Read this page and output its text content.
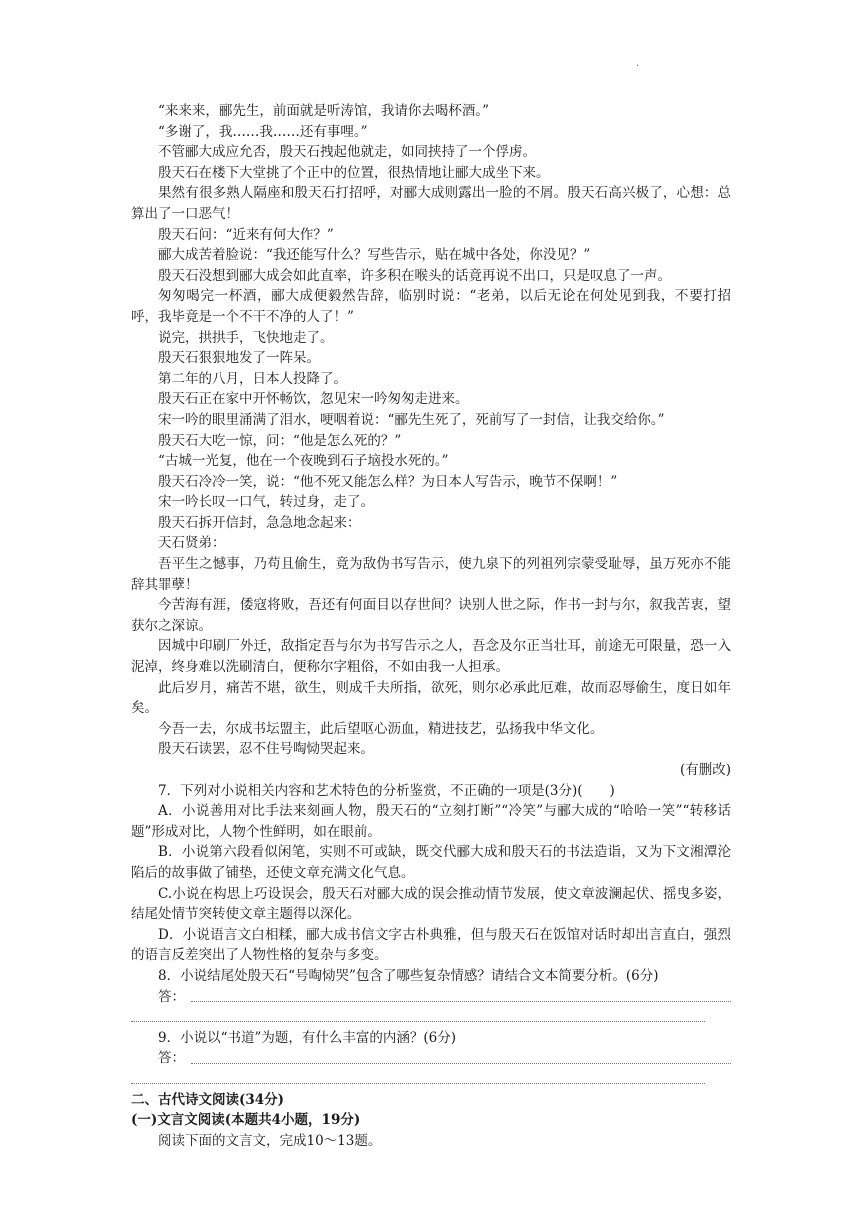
.

“来来来，郦先生，前面就是听涛馆，我请你去喝杯酒。”

“多谢了，我……我……还有事哩。”

不管郦大成应允否，殷天石拽起他就走，如同挟持了一个俘虏。

殷天石在楼下大堂挑了个正中的位置，很热情地让郦大成坐下来。

果然有很多熟人隔座和殷天石打招呼，对郦大成则露出一脸的不屑。殷天石高兴极了，心想：总算出了一口恶气！

殷天石问：“近来有何大作？”

郦大成苦着脸说：“我还能写什么？写些告示，贴在城中各处，你没见？”

殷天石没想到郦大成会如此直率，许多积在喉头的话竟再说不出口，只是叹息了一声。

匆匆喝完一杯酒，郦大成便毅然告辞，临别时说：“老弟，以后无论在何处见到我，不要打招呼，我毕竟是一个不干不净的人了！”

说完，拱拱手，飞快地走了。

殷天石狠狠地发了一阵呆。

第二年的八月，日本人投降了。

殷天石正在家中开怀畅饮，忽见宋一吟匆匆走进来。

宋一吟的眼里涌满了泪水，哽咽着说：“郦先生死了，死前写了一封信，让我交给你。”

殷天石大吃一惊，问：“他是怎么死的？”

“古城一光复，他在一个夜晚到石子垴投水死的。”

殷天石冷冷一笑，说：“他不死又能怎么样？为日本人写告示，晚节不保啊！”

宋一吟长叹一口气，转过身，走了。

殷天石拆开信封，急急地念起来：

天石贤弟：

吾平生之憾事，乃苟且偷生，竟为敌伪书写告示，使九泉下的列祖列宗蒙受耻辱，虽万死亦不能辞其罪孽！

今苦海有涯，倭寇将败，吾还有何面目以存世间？诀别人世之际，作书一封与尔，叙我苦衷，望获尔之深谅。

因城中印刷厂外迁，敌指定吾与尔为书写告示之人，吾念及尔正当壮耳，前途无可限量，恐一入泥淖，终身难以洗刷清白，便称尔字粗俗，不如由我一人担承。

此后岁月，痛苦不堪，欲生，则成千夫所指，欲死，则尔必承此厄难，故而忍辱偷生，度日如年矣。

今吾一去，尔成书坛盟主，此后望呕心沥血，精进技艺，弘扬我中华文化。

殷天石读罢，忍不住号啕恸哭起来。

(有删改)

7．下列对小说相关内容和艺术特色的分析鉴赏，不正确的一项是(3分)(　　)

A．小说善用对比手法来刻画人物，殷天石的“立刻打断”“冷笑”与郦大成的“哈哈一笑”“转移话题”形成对比，人物个性鲜明，如在眼前。

B．小说第六段看似闲笔，实则不可或缺，既交代郦大成和殷天石的书法造诣，又为下文湘潭沦陷后的故事做了铺垫，还使文章充满文化气息。

C.小说在构思上巧设误会，殷天石对郦大成的误会推动情节发展，使文章波澜起伏、摇曳多姿，结尾处情节突转使文章主题得以深化。

D．小说语言文白相糅，郦大成书信文字古朴典雅，但与殷天石在饭馆对话时却出言直白，强烈的语言反差突出了人物性格的复杂与多变。

8．小说结尾处殷天石“号啕恸哭”包含了哪些复杂情感？请结合文本简要分析。(6分)

答：

9．小说以“书道”为题，有什么丰富的内涵？(6分)

答：

二、古代诗文阅读(34分)

(一)文言文阅读(本题共4小题，19分)

阅读下面的文言文，完成10～13题。
